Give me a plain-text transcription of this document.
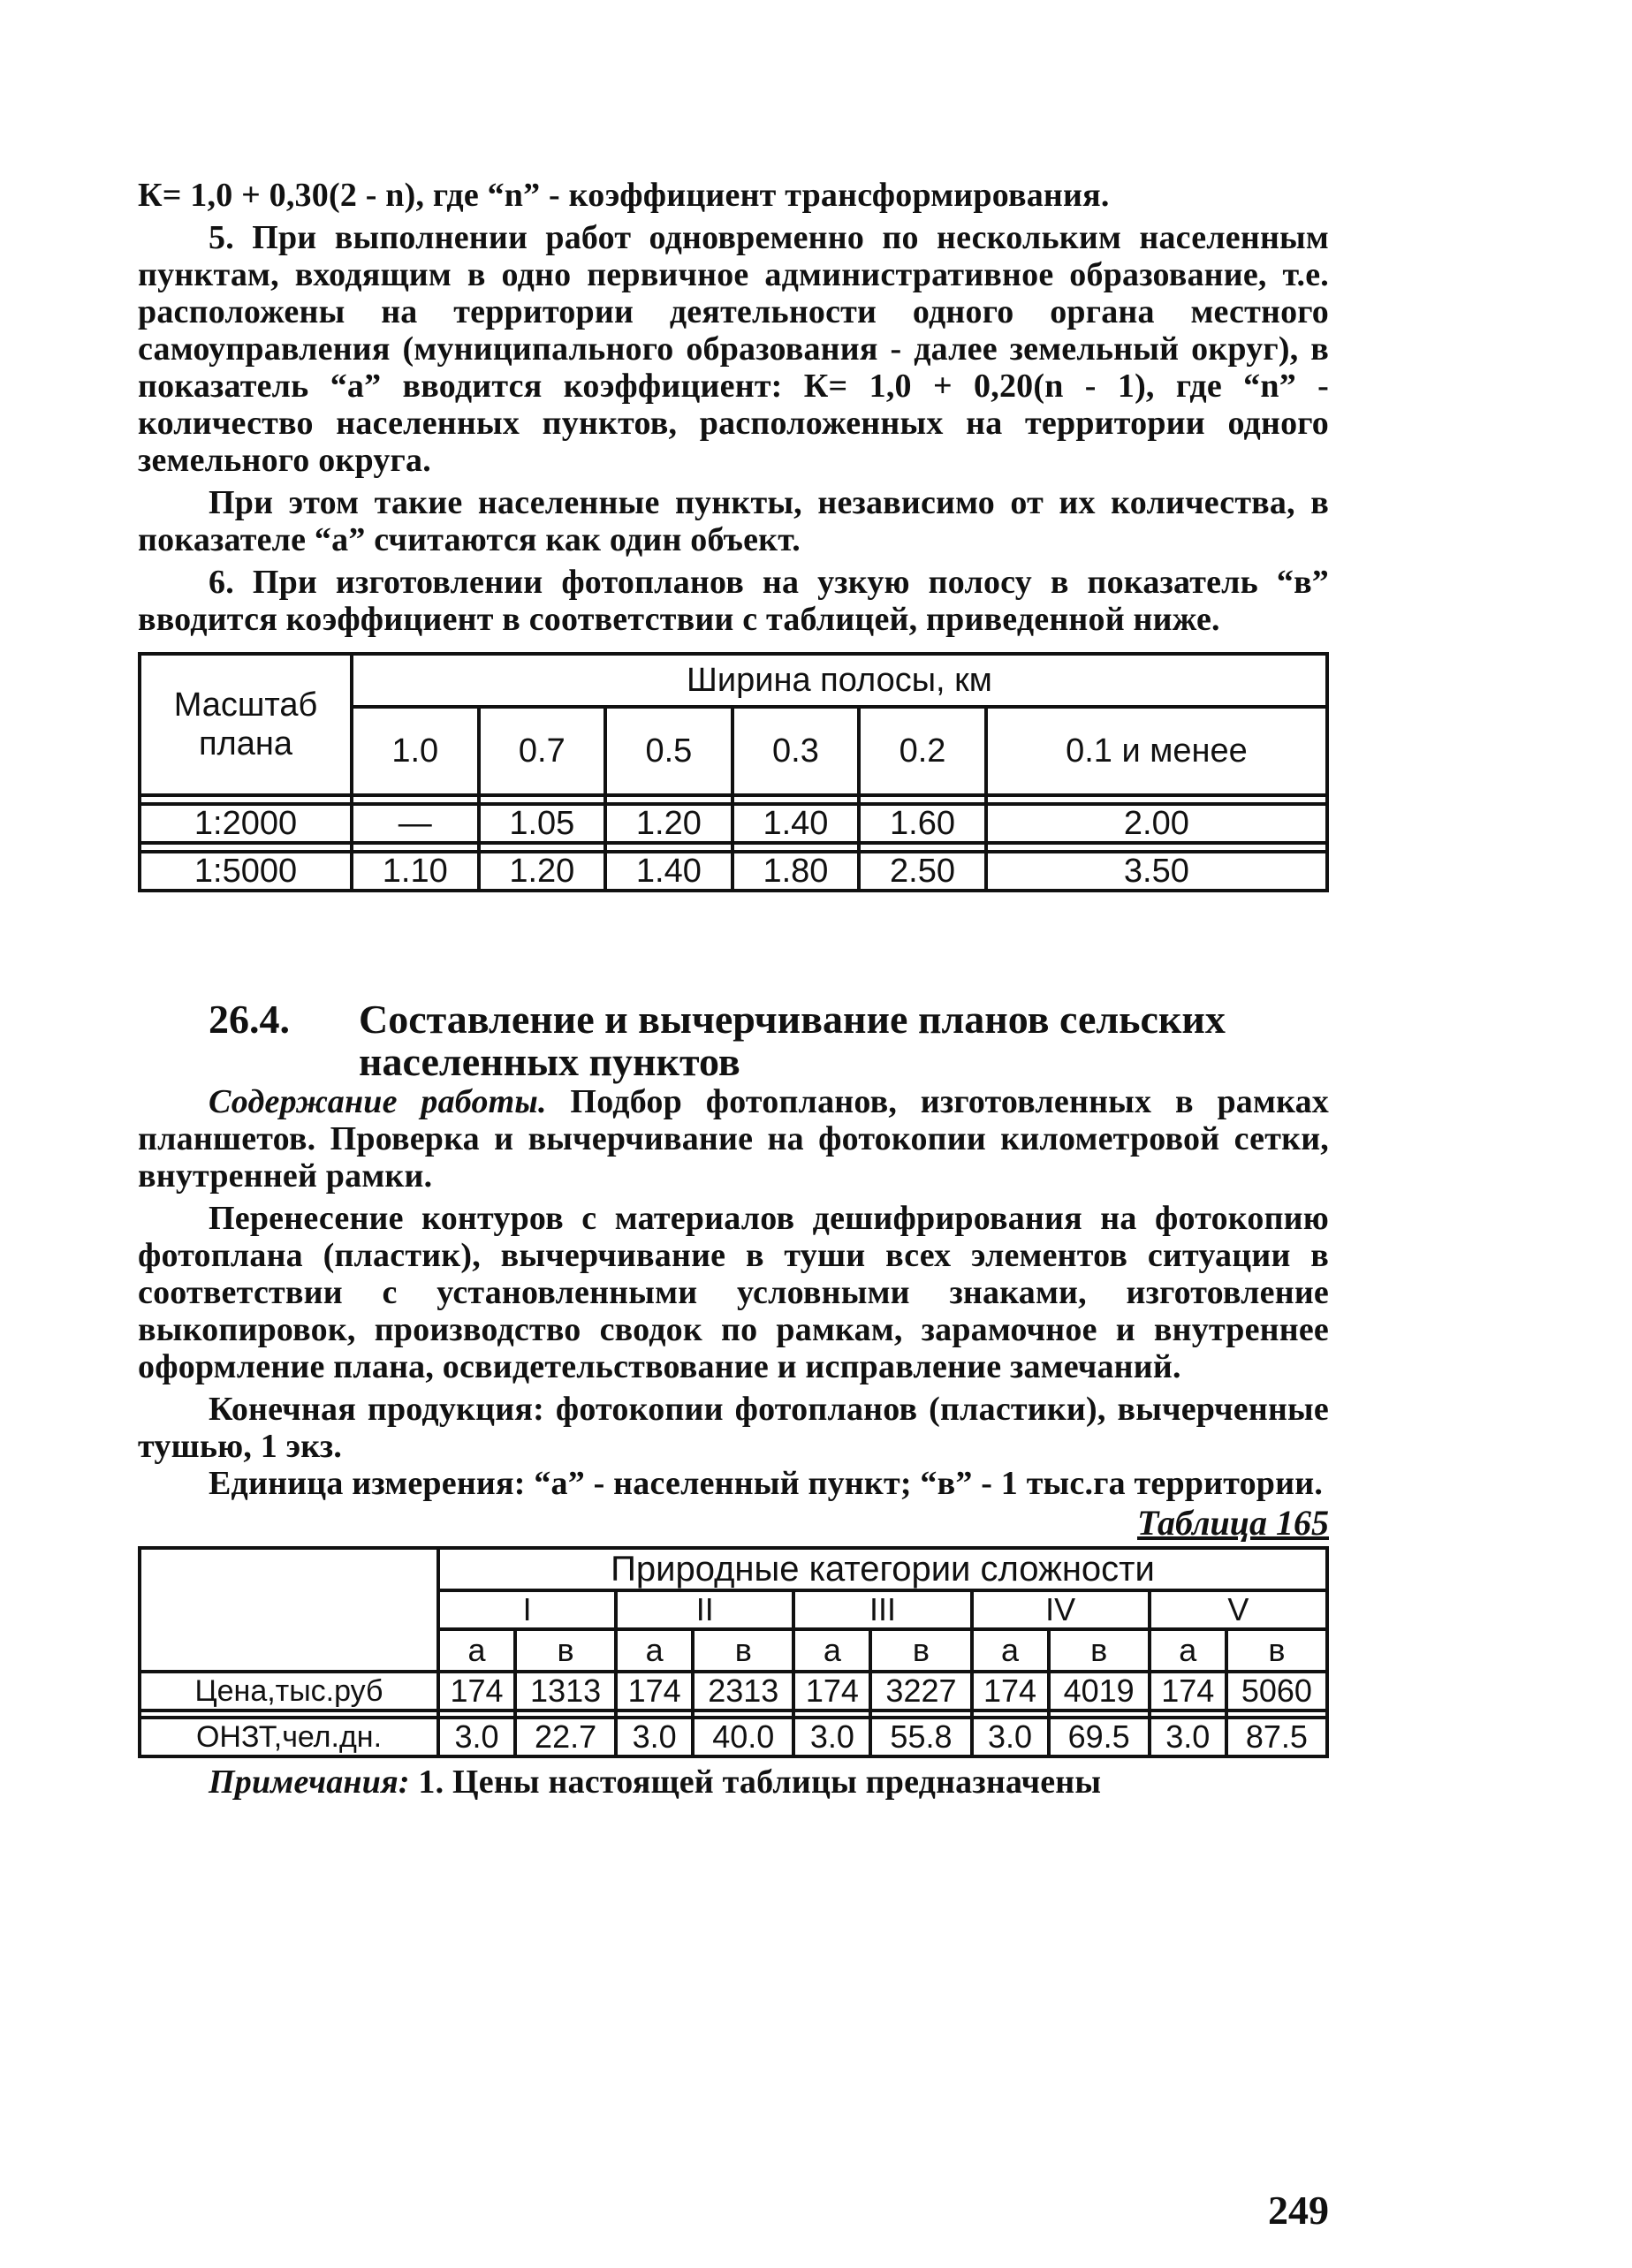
К= 1,0 + 0,30(2 - n), где “n” - коэффициент трансформирования.

5. При выполнении работ одновременно по нескольким населенным пунктам, входящим в одно первичное административное образование, т.е. расположены на территории деятельности одного органа местного самоуправления (муниципального образования - далее земельный округ), в показатель “а” вводится коэффициент: К= 1,0 + 0,20(n - 1), где “n” - количество населенных пунктов, расположенных на территории одного земельного округа.

При этом такие населенные пункты, независимо от их количества, в показателе “а” считаются как один объект.

6. При изготовлении фотопланов на узкую полосу в показатель “в” вводится коэффициент в соответствии с таблицей, приведенной ниже.

Масштаб плана	Ширина полосы, км					
	1.0	0.7	0.5	0.3	0.2	0.1 и менее

1:2000	—	1.05	1.20	1.40	1.60	2.00

1:5000	1.10	1.20	1.40	1.80	2.50	3.50
26.4.	Составление и вычерчивание планов сельских населенных пунктов

Содержание работы. Подбор фотопланов, изготовленных в рамках планшетов. Проверка и вычерчивание на фотокопии километровой сетки, внутренней рамки.

Перенесение контуров с материалов дешифрирования на фотокопию фотоплана (пластик), вычерчивание в туши всех элементов ситуации в соответствии с установленными условными знаками, изготовление выкопировок, производство сводок по рамкам, зарамочное и внутреннее оформление плана, освидетельствование и исправление замечаний.

Конечная продукция: фотокопии фотопланов (пластики), вычерченные тушью, 1 экз.

Единица измерения: “а” - населенный пункт; “в” - 1 тыс.га территории.

Таблица 165
	Природные категории сложности									
	I		II		III		IV		V	
	а	в	а	в	а	в	а	в	а	в
Цена,тыс.руб	174	1313	174	2313	174	3227	174	4019	174	5060

ОНЗТ,чел.дн.	3.0	22.7	3.0	40.0	3.0	55.8	3.0	69.5	3.0	87.5

Примечания: 1. Цены настоящей таблицы предназначены

249
